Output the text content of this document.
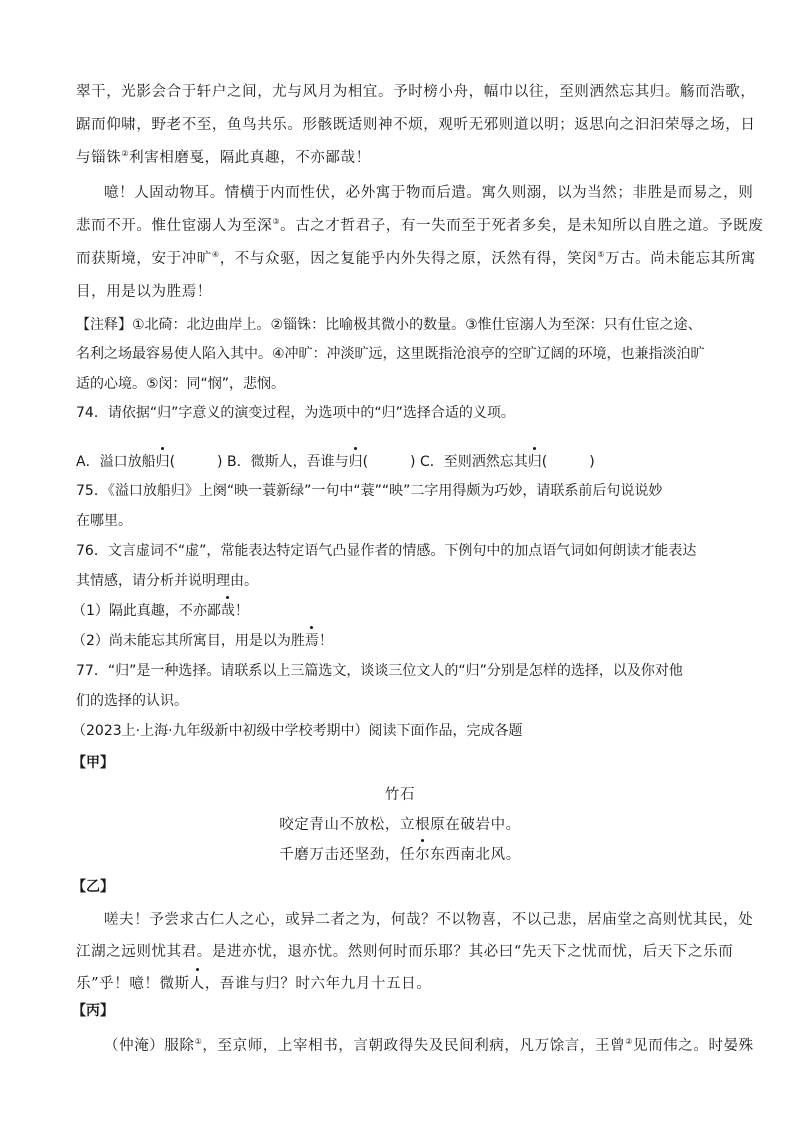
翠干，光影会合于轩户之间，尤与风月为相宜。予时榜小舟，幅巾以往，至则洒然忘其归。觞而浩歌，
踞而仰啸，野老不至，鱼鸟共乐。形骸既适则神不烦，观听无邪则道以明；返思向之汩汩荣辱之场，日
与锱铢②利害相磨戛，隔此真趣，不亦鄙哉！
噫！人固动物耳。情横于内而性伏，必外寓于物而后遣。寓久则溺，以为当然；非胜是而易之，则
悲而不开。惟仕宦溺人为至深③。古之才哲君子，有一失而至于死者多矣，是未知所以自胜之道。予既废
而获斯境，安于冲旷④，不与众驱，因之复能乎内外失得之原，沃然有得，笑闵⑤万古。尚未能忘其所寓
目，用是以为胜焉！
【注释】①北碕：北边曲岸上。②锱铢：比喻极其微小的数量。③惟仕宦溺人为至深：只有仕宦之途、
名利之场最容易使人陷入其中。④冲旷：冲淡旷远，这里既指沧浪亭的空旷辽阔的环境，也兼指淡泊旷
适的心境。⑤闵：同“悯”，悲悯。
74．请依据“归”字意义的演变过程，为选项中的“归”选择合适的义项。
A．溢口放船归(　　　) B．微斯人，吾谁与归(　　　) C．至则洒然忘其归(　　　)
75．《溢口放船归》上阕“映一蓑新绿”一句中“蓑”“映”二字用得颇为巧妙，请联系前后句说说妙
在哪里。
76．文言虚词不“虚”，常能表达特定语气凸显作者的情感。下例句中的加点语气词如何朗读才能表达
其情感，请分析并说明理由。
（1）隔此真趣，不亦鄙哉！
（2）尚未能忘其所寓目，用是以为胜焉！
77．“归”是一种选择。请联系以上三篇选文，谈谈三位文人的“归”分别是怎样的选择，以及你对他
们的选择的认识。
（2023上·上海·九年级新中初级中学校考期中）阅读下面作品，完成各题
【甲】
竹石
咬定青山不放松，立根原在破岩中。
千磨万击还坚劲，任尔东西南北风。
【乙】
嗟夫！予尝求古仁人之心，或异二者之为，何哉？不以物喜，不以己悲，居庙堂之高则忧其民，处
江湖之远则忧其君。是进亦忧，退亦忧。然则何时而乐耶？其必曰“先天下之忧而忧，后天下之乐而
乐”乎！噫！微斯人，吾谁与归？时六年九月十五日。
【丙】
（仲淹）服除①，至京师，上宰相书，言朝政得失及民间利病，凡万馀言，王曾②见而伟之。时晏殊
